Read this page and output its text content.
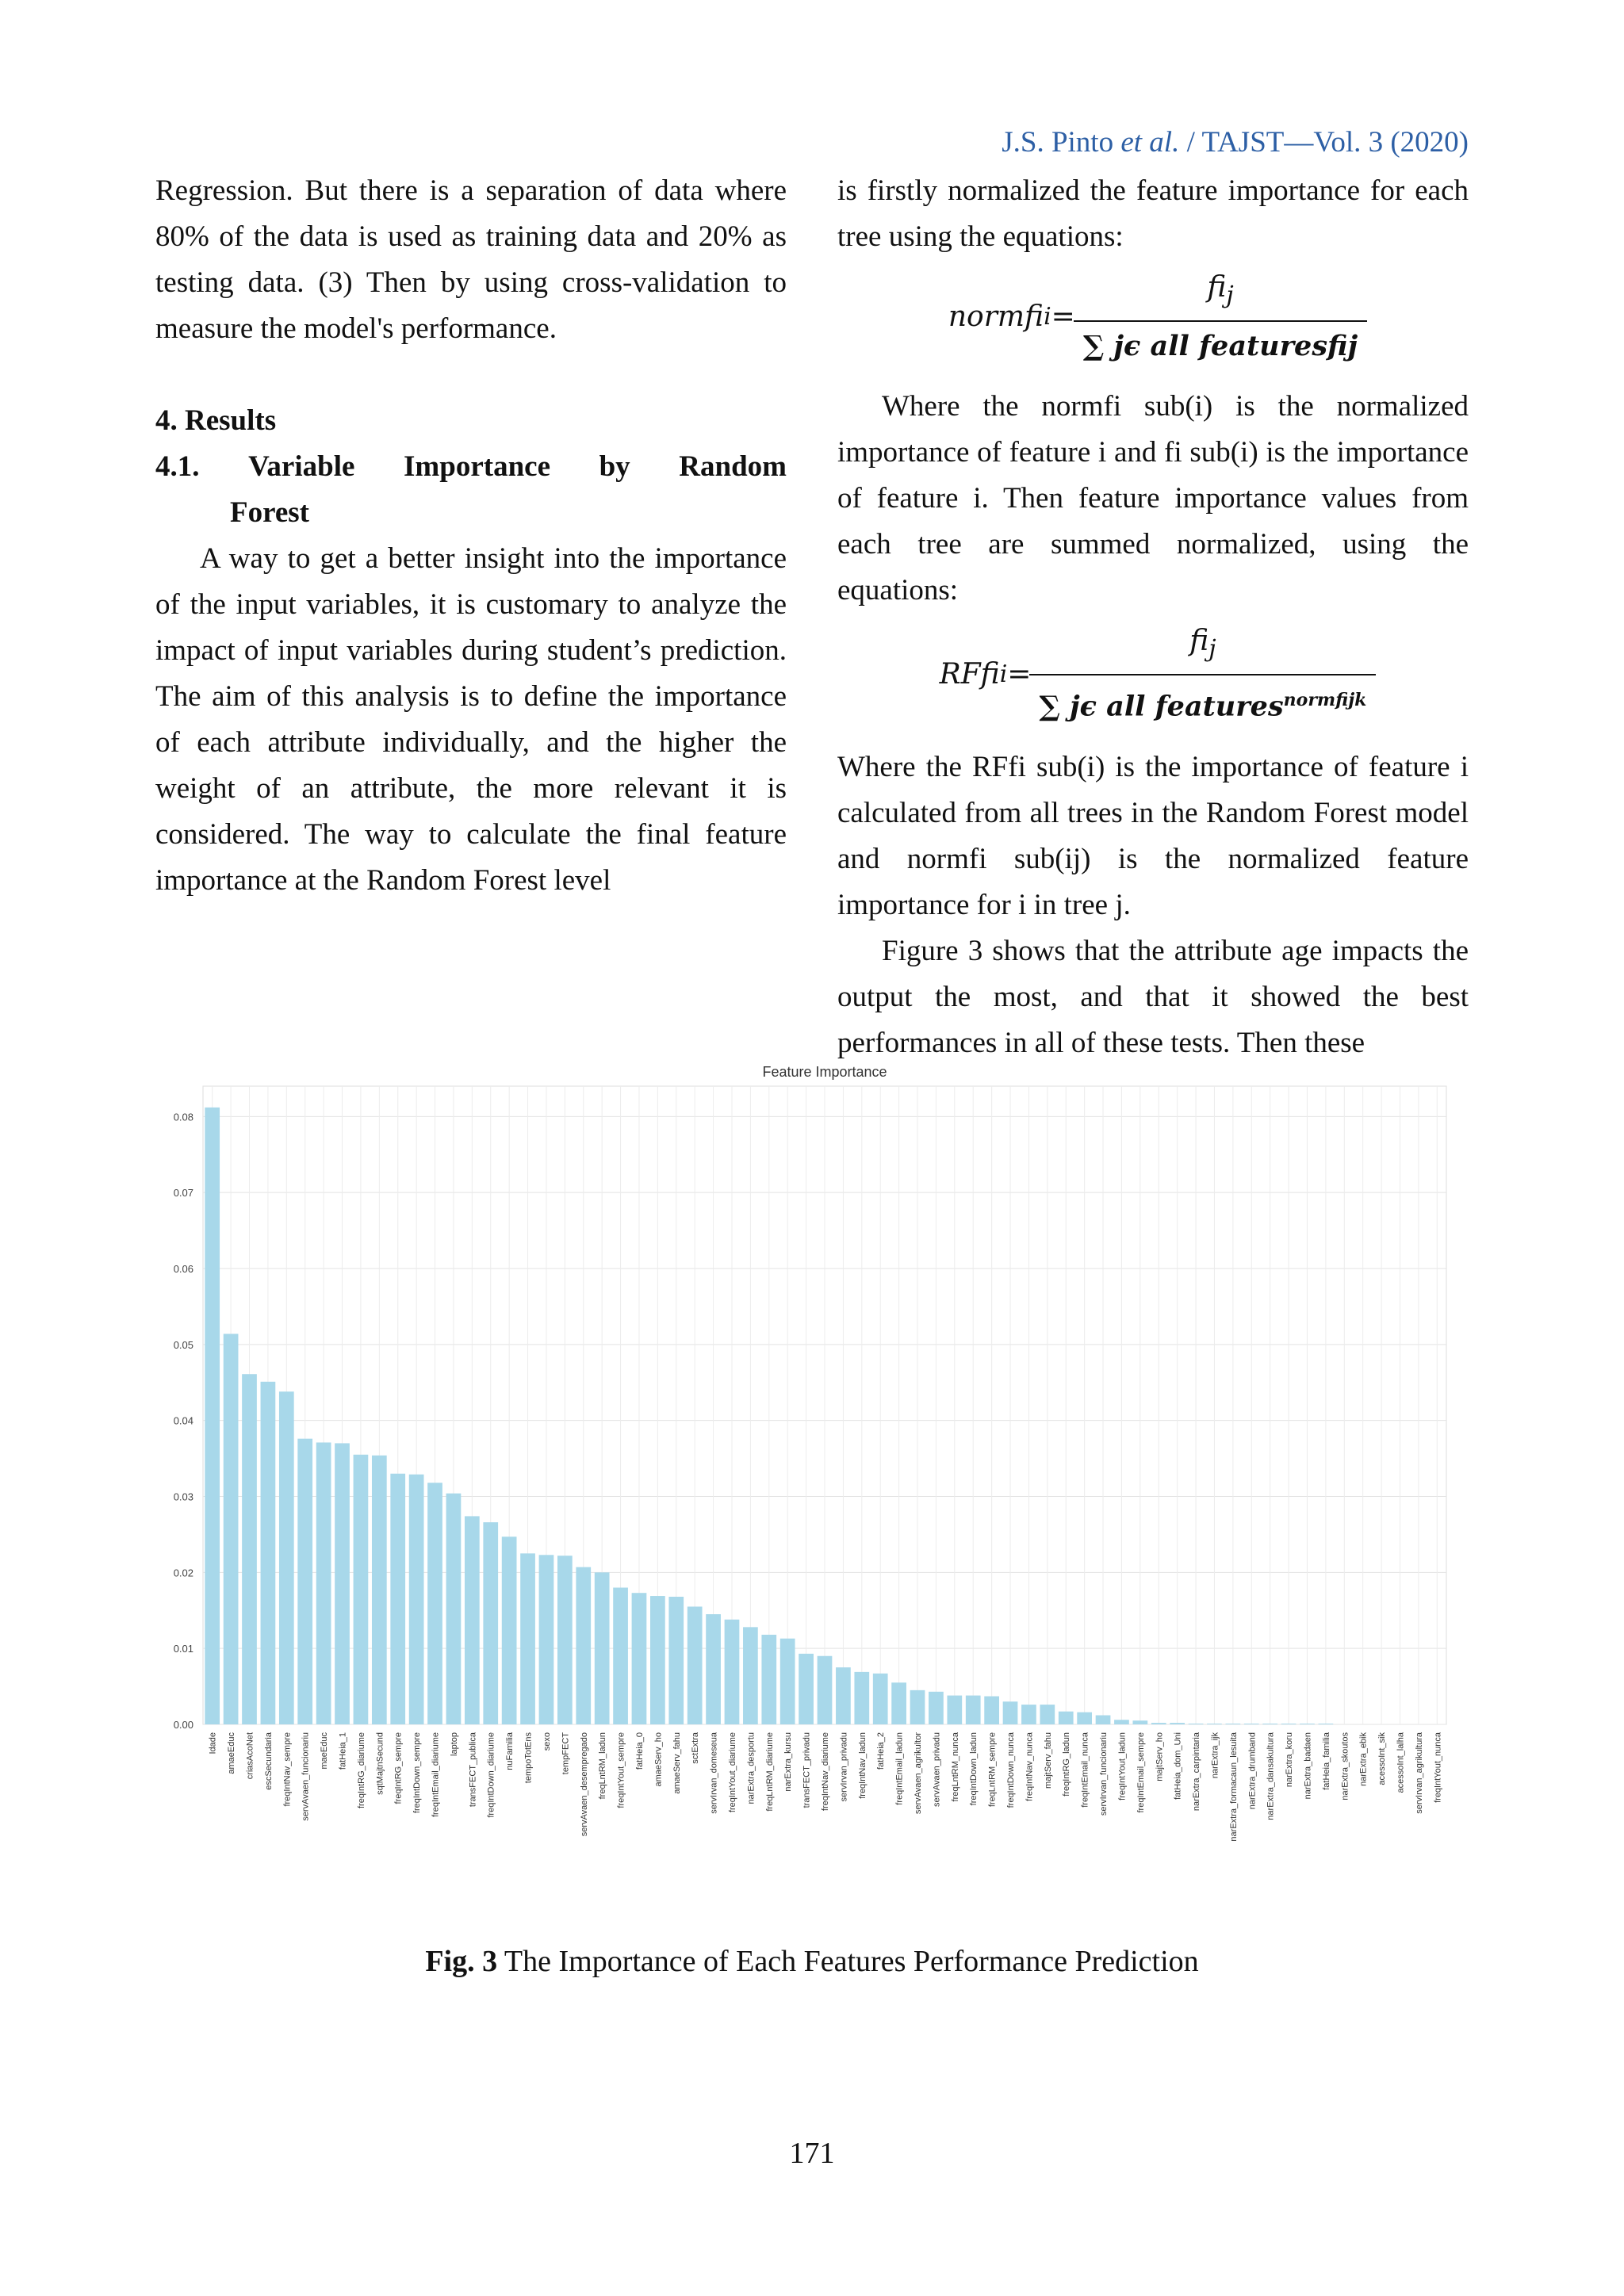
J.S. Pinto et al. / TAJST—Vol. 3 (2020)

Regression. But there is a separation of data where 80% of the data is used as training data and 20% as testing data. (3) Then by using cross-validation to measure the model's performance.

4. Results

4.1. Variable Importance by Random

Forest

A way to get a better insight into the importance of the input variables, it is customary to analyze the impact of input variables during student’s prediction. The aim of this analysis is to define the importance of each attribute individually, and the higher the weight of an attribute, the more relevant it is considered. The way to calculate the final feature importance at the Random Forest level

is firstly normalized the feature importance for each tree using the equations:

normfi $i = \frac{fi_j}{\text{∑ jϵ all featuresfij}}$

Where the normfi sub(i) is the normalized importance of feature i and fi sub(i) is the importance of feature i. Then feature importance values from each tree are summed normalized, using the equations:

RFfi $i = \frac{fi_j}{\sum j\epsilon all features^{normfijk}}$

Where the RFfi sub(i) is the importance of feature i calculated from all trees in the Random Forest model and normfi sub(ij) is the normalized feature importance for i in tree j.

Figure 3 shows that the attribute age impacts the output the most, and that it showed the best performances in all of these tests. Then these

Feature Importance
0.00
0.01
0.02
0.03
0.04
0.05
0.06
0.07
0.08
Idade amaeEduc criasAcoNet escSecundaria freqIntNav_sempre servAvaen_funcionariu maeEduc fatHeia_1 freqIntRG_diariume sqtMajtnSecund freqIntRG_sempre freqIntDown_sempre freqIntEmail_diariume laptop transFECT_publica freqIntDown_diariume nuFamilia tempoTotEns sexo tempFECT servAvaen_desempregado freqLntRM_ladun freqIntYout_sempre fatHeia_0 amaeServ_ho amaeServ_fahu sctExtra servIrvan_domeseua freqIntYout_diariume narExtra_desportu freqLntRM_diariume narExtra_kursu transFECT_privadu freqIntNav_diariume servIrvan_privadu freqIntNav_ladun fatHeia_2 freqIntEmail_ladun servAvaen_agrikultor servAvaen_privadu freqLntRM_nunca freqIntDown_ladun freqLntRM_sempre freqIntDown_nunca freqIntNav_nunca majtServ_fahu freqIntRG_ladun freqIntEmail_nunca servIrvan_funcionariu freqIntYout_ladun freqIntEmail_sempre majtServ_ho fatHeia_dom_Uni narExtra_carpintaria narExtra_ijk narExtra_formacaun_lesuita narExtra_drumband narExtra_dansakultura narExtra_koru narExtra_badaen fatHeia_familia narExtra_skoutos narExtra_ebik acessoInt_sik acessoInt_lalha servIrvan_agrikultura freqIntYout_nunca
Fig. 3 The Importance of Each Features Performance Prediction
171
